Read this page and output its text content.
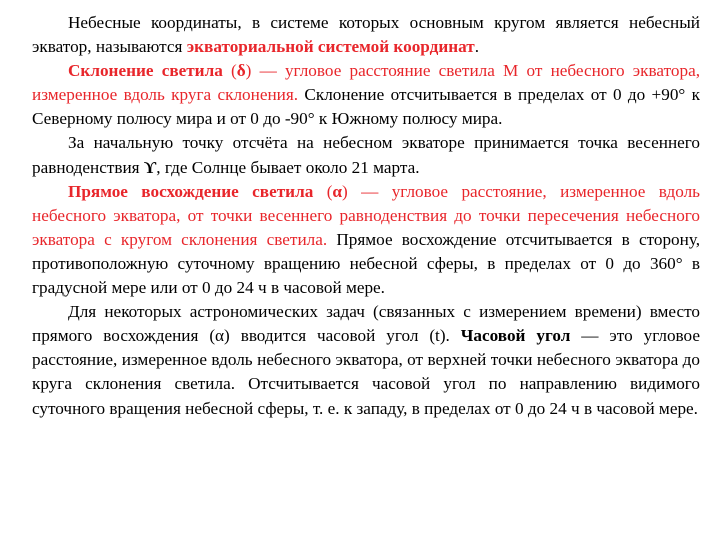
Небесные координаты, в системе которых основным кругом является небесный экватор, называются экваториальной системой координат.

Склонение светила (δ) — угловое расстояние светила M от небесного экватора, измеренное вдоль круга склонения. Склонение отсчитывается в пределах от 0 до +90° к Северному полюсу мира и от 0 до -90° к Южному полюсу мира.

За начальную точку отсчёта на небесном экваторе принимается точка весеннего равноденствия ϒ, где Солнце бывает около 21 марта.

Прямое восхождение светила (α) — угловое расстояние, измеренное вдоль небесного экватора, от точки весеннего равноденствия до точки пересечения небесного экватора с кругом склонения светила. Прямое восхождение отсчитывается в сторону, противоположную суточному вращению небесной сферы, в пределах от 0 до 360° в градусной мере или от 0 до 24 ч в часовой мере.

Для некоторых астрономических задач (связанных с измерением времени) вместо прямого восхождения (α) вводится часовой угол (t). Часовой угол — это угловое расстояние, измеренное вдоль небесного экватора, от верхней точки небесного экватора до круга склонения светила. Отсчитывается часовой угол по направлению видимого суточного вращения небесной сферы, т. е. к западу, в пределах от 0 до 24 ч в часовой мере.
